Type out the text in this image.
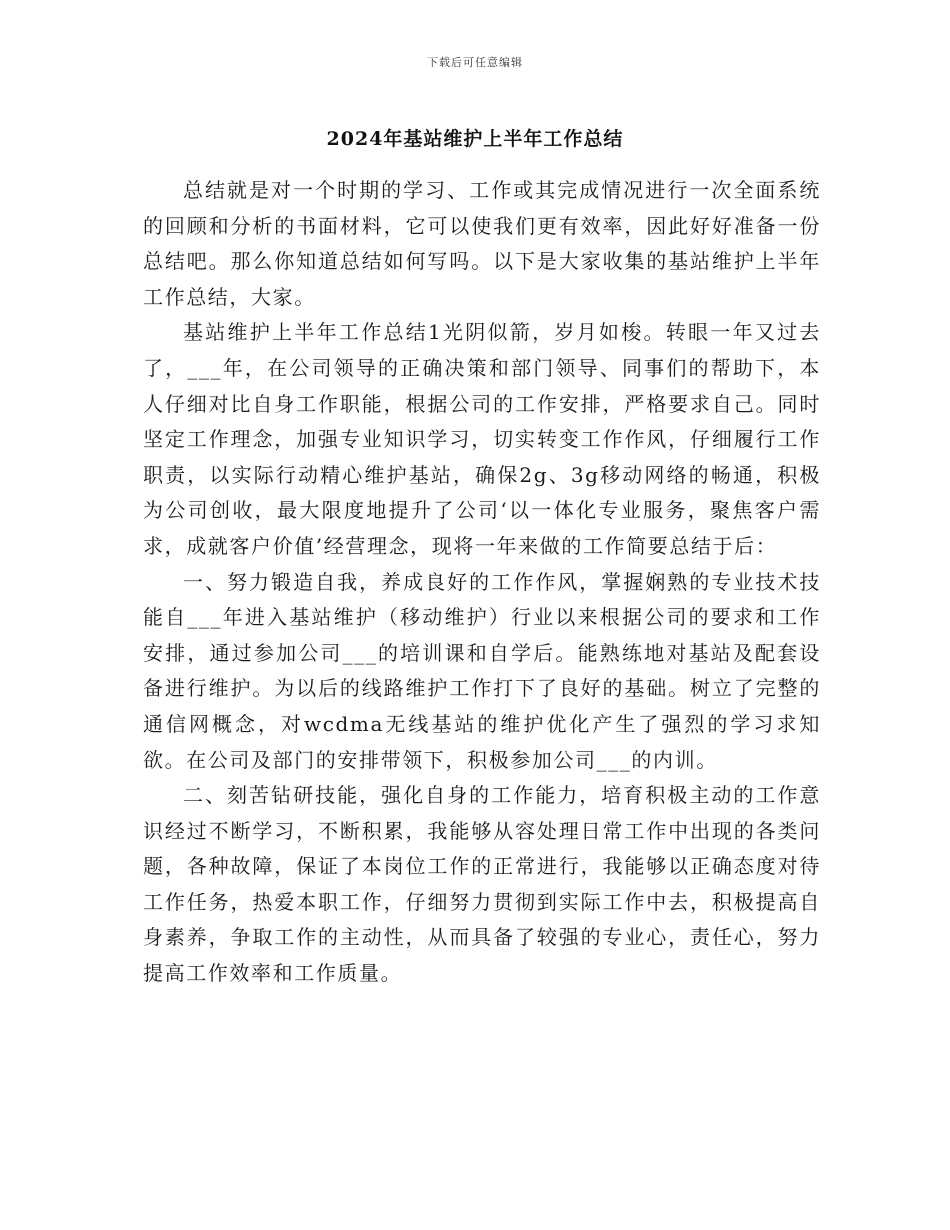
下载后可任意编辑
2024年基站维护上半年工作总结

总结就是对一个时期的学习、工作或其完成情况进行一次全面系统的回顾和分析的书面材料，它可以使我们更有效率，因此好好准备一份总结吧。那么你知道总结如何写吗。以下是大家收集的基站维护上半年工作总结，大家。

基站维护上半年工作总结1光阴似箭，岁月如梭。转眼一年又过去了，___年，在公司领导的正确决策和部门领导、同事们的帮助下，本人仔细对比自身工作职能，根据公司的工作安排，严格要求自己。同时坚定工作理念，加强专业知识学习，切实转变工作作风，仔细履行工作职责，以实际行动精心维护基站，确保2g、3g移动网络的畅通，积极为公司创收，最大限度地提升了公司‘以一体化专业服务，聚焦客户需求，成就客户价值’经营理念，现将一年来做的工作简要总结于后：

一、努力锻造自我，养成良好的工作作风，掌握娴熟的专业技术技能自___年进入基站维护（移动维护）行业以来根据公司的要求和工作安排，通过参加公司___的培训课和自学后。能熟练地对基站及配套设备进行维护。为以后的线路维护工作打下了良好的基础。树立了完整的通信网概念，对wcdma无线基站的维护优化产生了强烈的学习求知欲。在公司及部门的安排带领下，积极参加公司___的内训。

二、刻苦钻研技能，强化自身的工作能力，培育积极主动的工作意识经过不断学习，不断积累，我能够从容处理日常工作中出现的各类问题，各种故障，保证了本岗位工作的正常进行，我能够以正确态度对待工作任务，热爱本职工作，仔细努力贯彻到实际工作中去，积极提高自身素养，争取工作的主动性，从而具备了较强的专业心，责任心，努力提高工作效率和工作质量。
